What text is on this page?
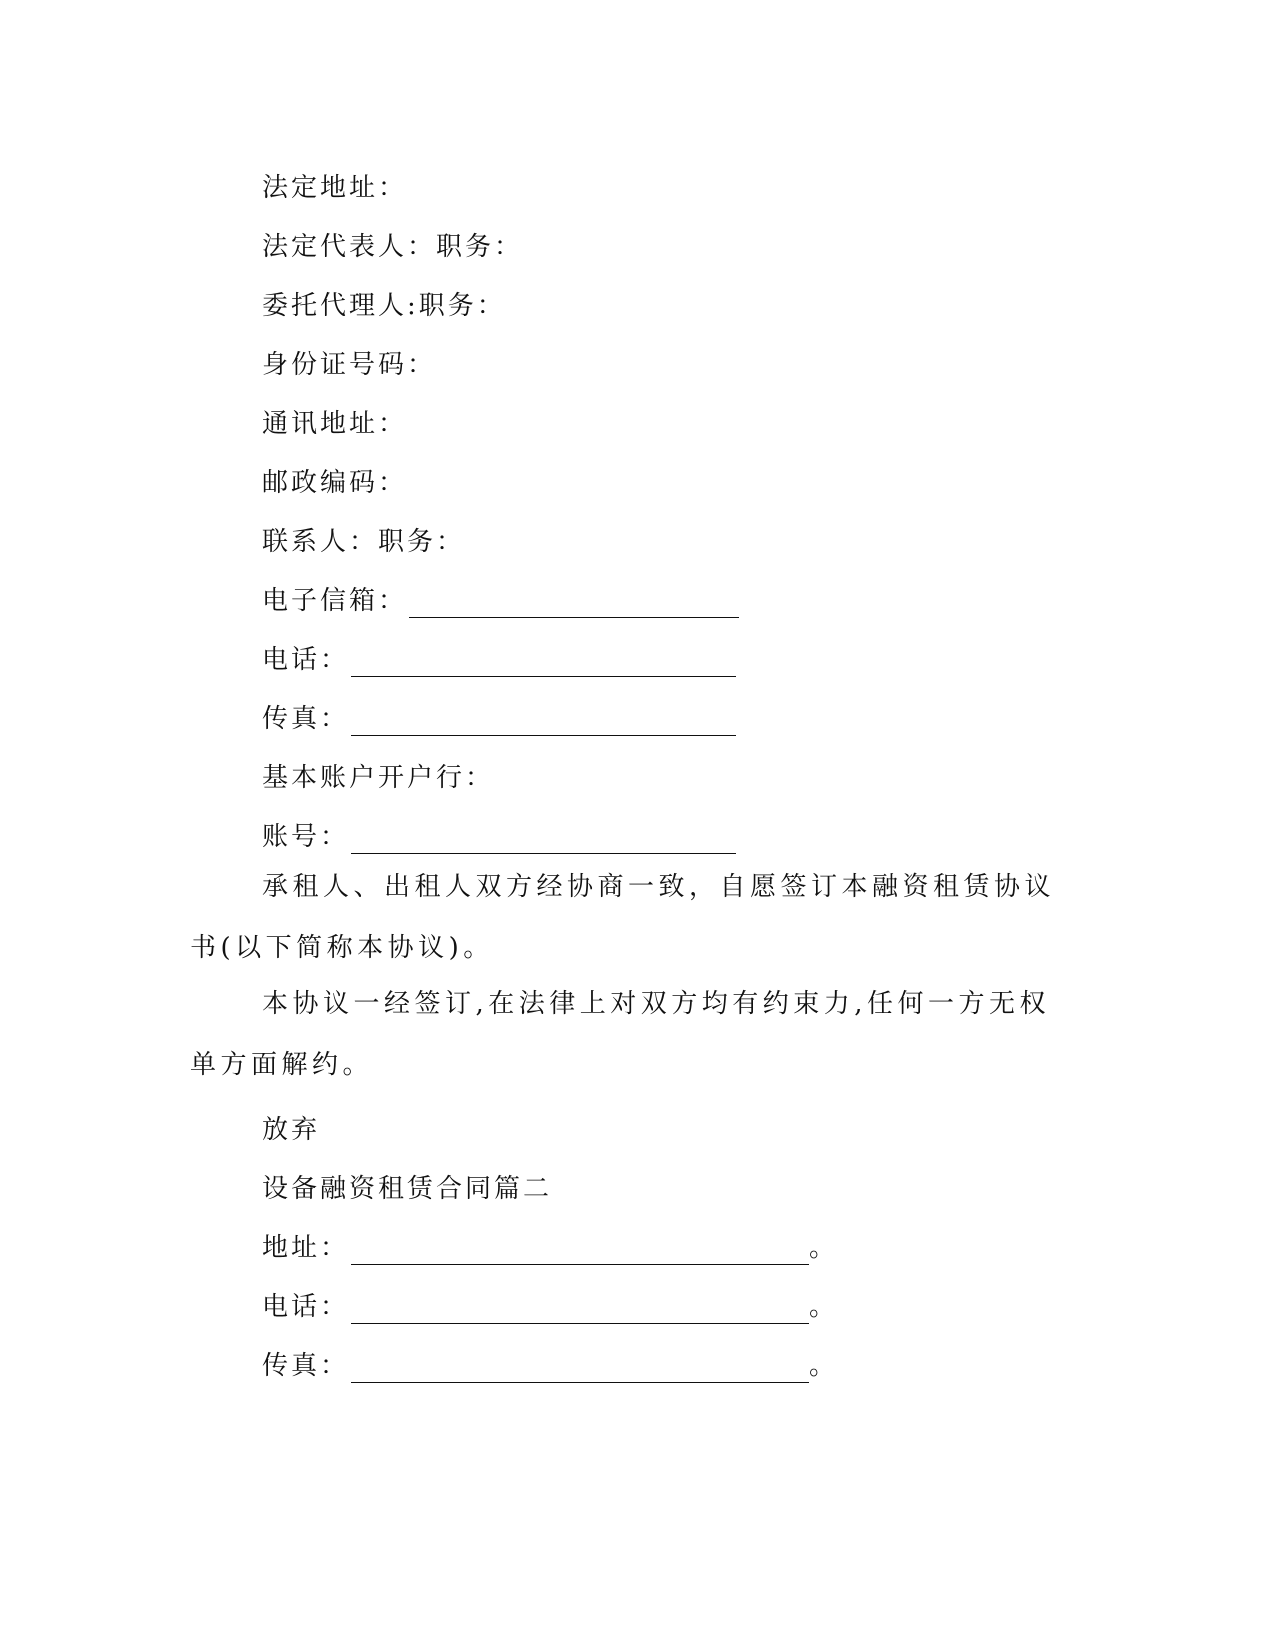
法定地址：
法定代表人：职务：
委托代理人:职务：
身份证号码：
通讯地址：
邮政编码：
联系人：职务：
电子信箱：
电话：
传真：
基本账户开户行：
账号：

承租人、出租人双方经协商一致，自愿签订本融资租赁协议书(以下简称本协议)。

本协议一经签订,在法律上对双方均有约束力,任何一方无权单方面解约。

放弃
设备融资租赁合同篇二
地址：	。
电话：	。
传真：	。
